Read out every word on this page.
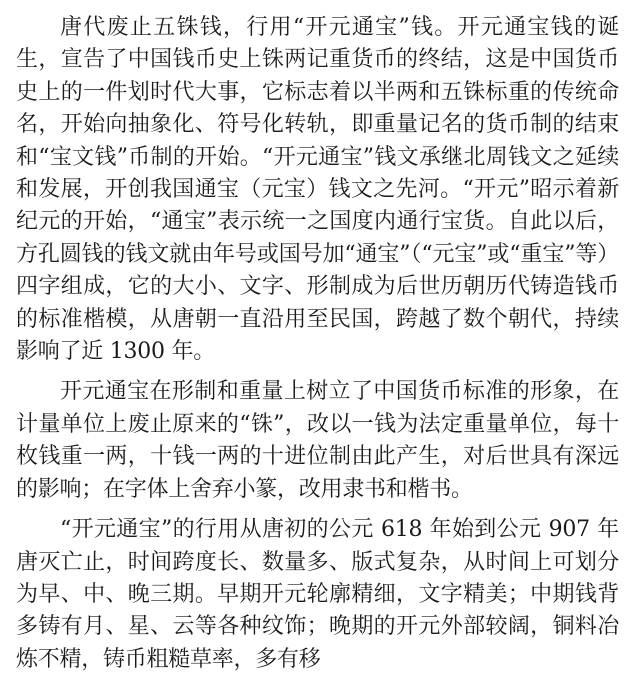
唐代废止五铢钱，行用“开元通宝”钱。开元通宝钱的诞生，宣告了中国钱币史上铢两记重货币的终结，这是中国货币史上的一件划时代大事，它标志着以半两和五铢标重的传统命名，开始向抽象化、符号化转轨，即重量记名的货币制的结束和“宝文钱”币制的开始。“开元通宝”钱文承继北周钱文之延续和发展，开创我国通宝（元宝）钱文之先河。“开元”昭示着新纪元的开始，“通宝”表示统一之国度内通行宝货。自此以后，方孔圆钱的钱文就由年号或国号加“通宝”（“元宝”或“重宝”等）四字组成，它的大小、文字、形制成为后世历朝历代铸造钱币的标准楷模，从唐朝一直沿用至民国，跨越了数个朝代，持续影响了近 1300 年。

开元通宝在形制和重量上树立了中国货币标准的形象，在计量单位上废止原来的“铢”，改以一钱为法定重量单位，每十枚钱重一两，十钱一两的十进位制由此产生，对后世具有深远的影响；在字体上舍弃小篆，改用隶书和楷书。

“开元通宝”的行用从唐初的公元 618 年始到公元 907 年唐灭亡止，时间跨度长、数量多、版式复杂，从时间上可划分为早、中、晚三期。早期开元轮廓精细，文字精美；中期钱背多铸有月、星、云等各种纹饰；晚期的开元外部较阔，铜料冶炼不精，铸币粗糙草率，多有移
